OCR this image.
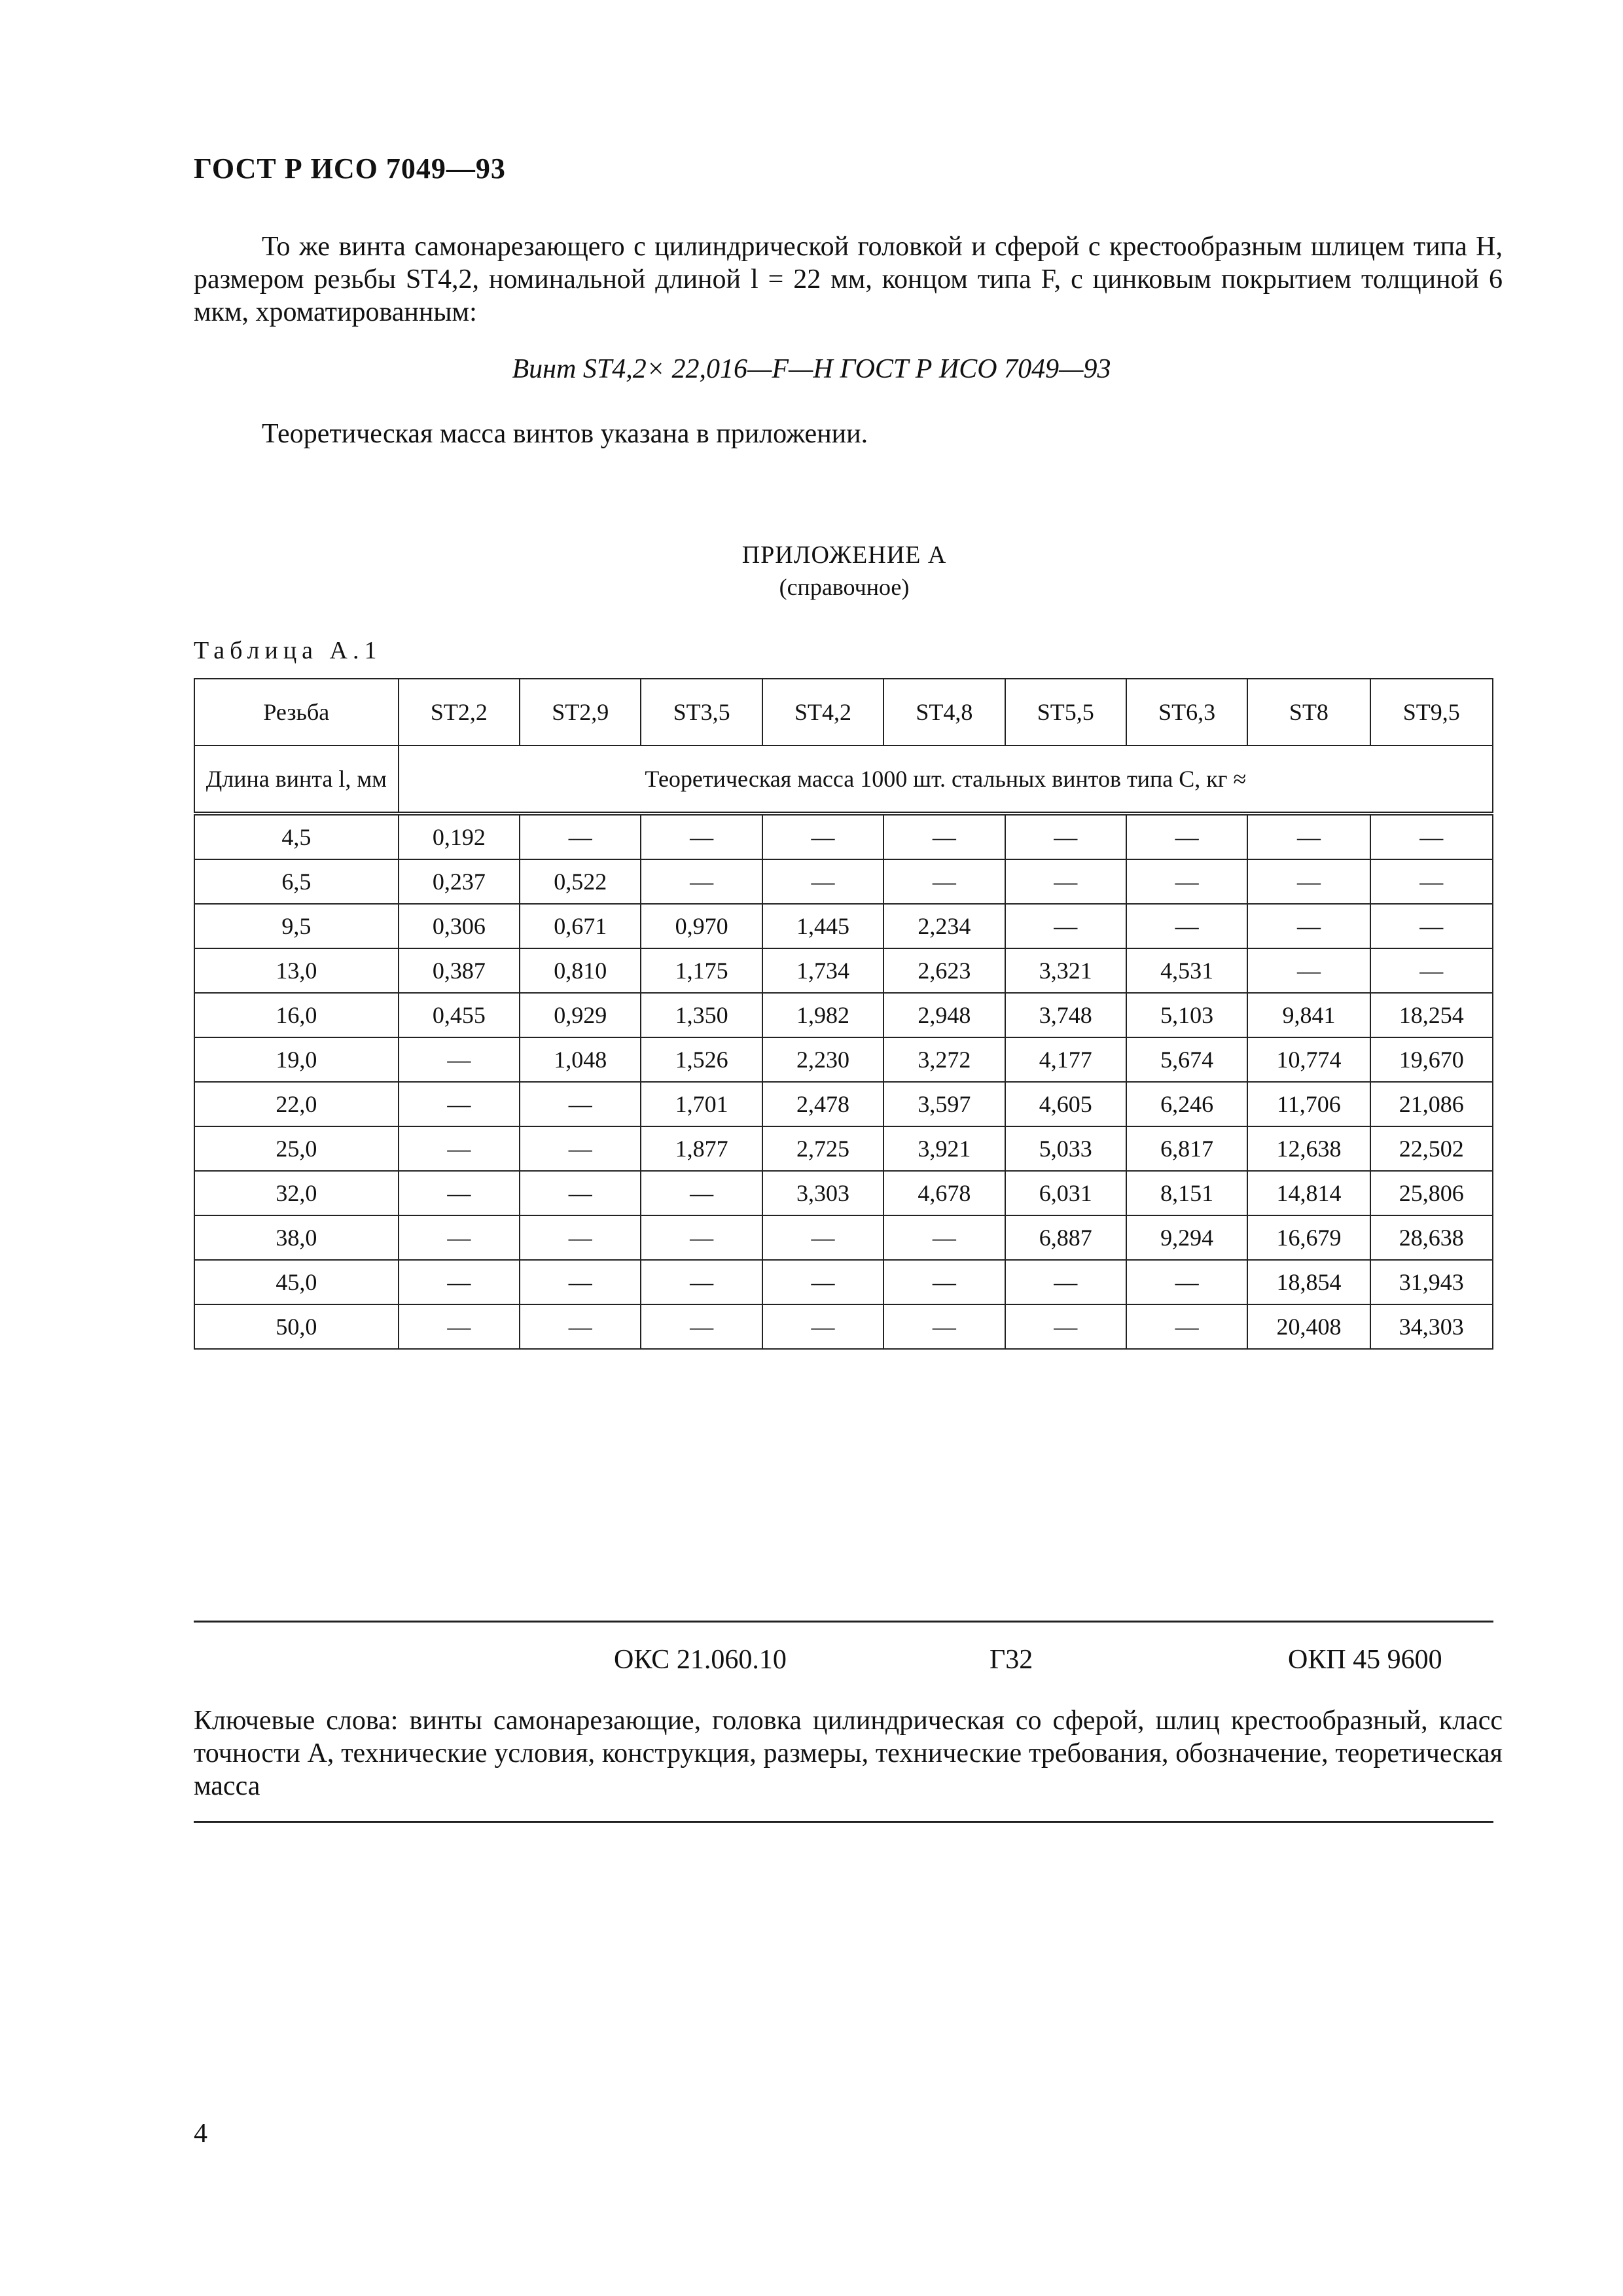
ГОСТ Р ИСО 7049—93
То же винта самонарезающего с цилиндрической головкой и сферой с крестообразным шлицем типа Н, размером резьбы ST4,2, номинальной длиной l = 22 мм, концом типа F, с цинковым покрытием толщиной 6 мкм, хроматированным:
Винт ST4,2× 22,016—F—H ГОСТ Р ИСО 7049—93
Теоретическая масса винтов указана в приложении.
ПРИЛОЖЕНИЕ А
(справочное)
Таблица А.1
Резьба	ST2,2	ST2,9	ST3,5	ST4,2	ST4,8	ST5,5	ST6,3	ST8	ST9,5
Длина винта l, мм	Теоретическая масса 1000 шт. стальных винтов типа С, кг ≈								
4,5	0,192	—	—	—	—	—	—	—	—
6,5	0,237	0,522	—	—	—	—	—	—	—
9,5	0,306	0,671	0,970	1,445	2,234	—	—	—	—
13,0	0,387	0,810	1,175	1,734	2,623	3,321	4,531	—	—
16,0	0,455	0,929	1,350	1,982	2,948	3,748	5,103	9,841	18,254
19,0	—	1,048	1,526	2,230	3,272	4,177	5,674	10,774	19,670
22,0	—	—	1,701	2,478	3,597	4,605	6,246	11,706	21,086
25,0	—	—	1,877	2,725	3,921	5,033	6,817	12,638	22,502
32,0	—	—	—	3,303	4,678	6,031	8,151	14,814	25,806
38,0	—	—	—	—	—	6,887	9,294	16,679	28,638
45,0	—	—	—	—	—	—	—	18,854	31,943
50,0	—	—	—	—	—	—	—	20,408	34,303
ОКС 21.060.10	Г32	ОКП 45 9600
Ключевые слова: винты самонарезающие, головка цилиндрическая со сферой, шлиц крестообразный, класс точности А, технические условия, конструкция, размеры, технические требования, обозначение, теоретическая масса
4
